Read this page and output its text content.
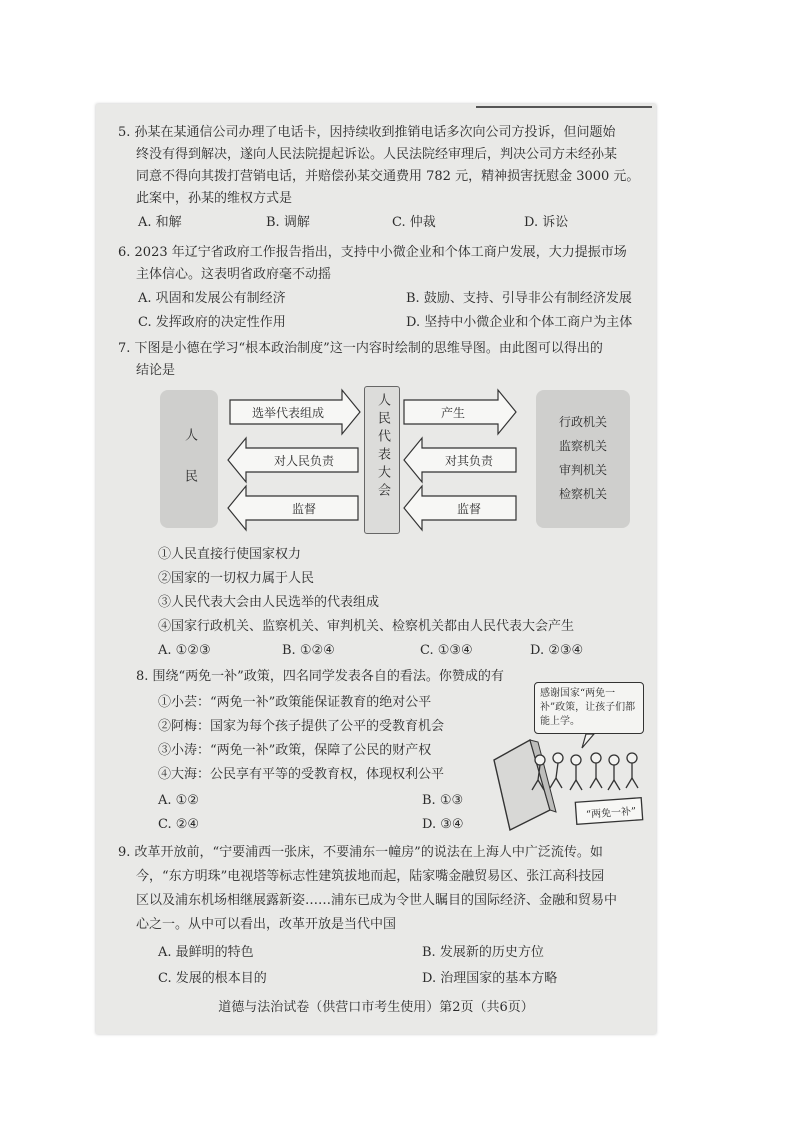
5. 孙某在某通信公司办理了电话卡，因持续收到推销电话多次向公司方投诉，但问题始
终没有得到解决，遂向人民法院提起诉讼。人民法院经审理后，判决公司方未经孙某
同意不得向其拨打营销电话，并赔偿孙某交通费用 782 元，精神损害抚慰金 3000 元。
此案中，孙某的维权方式是
A. 和解	B. 调解	C. 仲裁	D. 诉讼
6. 2023 年辽宁省政府工作报告指出，支持中小微企业和个体工商户发展，大力提振市场
主体信心。这表明省政府毫不动摇
A. 巩固和发展公有制经济	B. 鼓励、支持、引导非公有制经济发展
C. 发挥政府的决定性作用	D. 坚持中小微企业和个体工商户为主体
7. 下图是小德在学习“根本政治制度”这一内容时绘制的思维导图。由此图可以得出的
结论是
人民
选举代表组成
对人民负责
监督
人民代表大会	产生
对其负责
监督
行政机关
监察机关
审判机关
检察机关
①人民直接行使国家权力
②国家的一切权力属于人民
③人民代表大会由人民选举的代表组成
④国家行政机关、监察机关、审判机关、检察机关都由人民代表大会产生
A. ①②③	B. ①②④	C. ①③④	D. ②③④
8. 围绕“两免一补”政策，四名同学发表各自的看法。你赞成的有
①小芸：“两免一补”政策能保证教育的绝对公平
②阿梅：国家为每个孩子提供了公平的受教育机会
③小涛：“两免一补”政策，保障了公民的财产权
④大海：公民享有平等的受教育权，体现权利公平
A. ①②	B. ①③
C. ②④	D. ③④
感谢国家“两免一补”政策，让孩子们都能上学。
“两免一补”
9. 改革开放前，“宁要浦西一张床，不要浦东一幢房”的说法在上海人中广泛流传。如
今，“东方明珠”电视塔等标志性建筑拔地而起，陆家嘴金融贸易区、张江高科技园
区以及浦东机场相继展露新姿……浦东已成为令世人瞩目的国际经济、金融和贸易中
心之一。从中可以看出，改革开放是当代中国
A. 最鲜明的特色	B. 发展新的历史方位
C. 发展的根本目的	D. 治理国家的基本方略
道德与法治试卷（供营口市考生使用）第2页（共6页）
